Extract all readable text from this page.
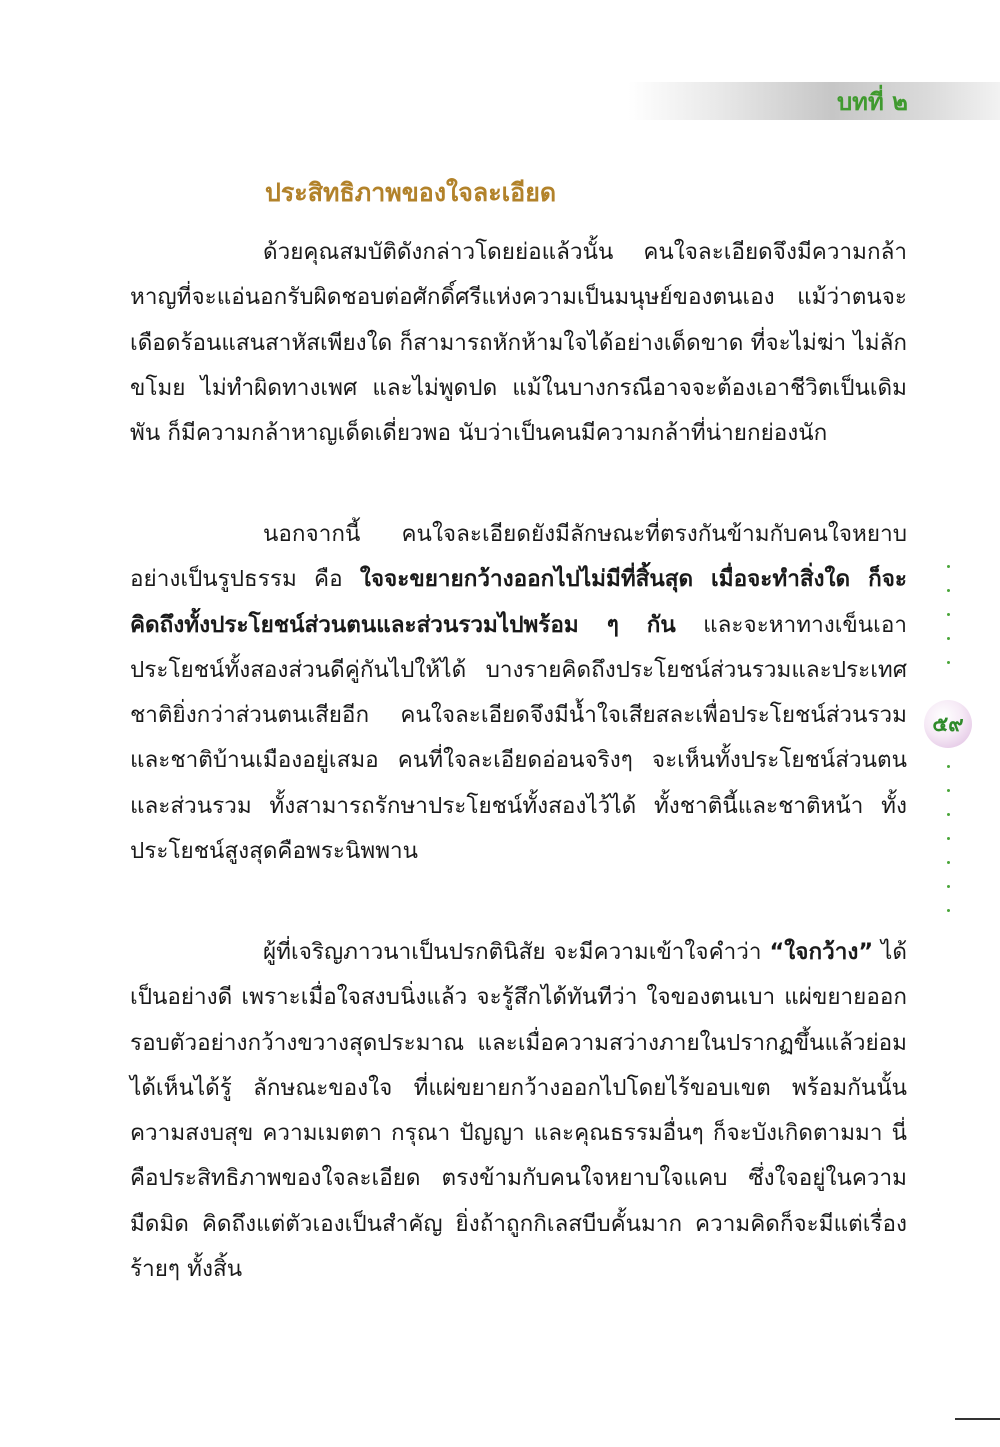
บทที่ ๒
ประสิทธิภาพของใจละเอียด

ด้วยคุณสมบัติดังกล่าวโดยย่อแล้วนั้น คนใจละเอียดจึงมีความกล้าหาญที่จะแอ่นอกรับผิดชอบต่อศักดิ์ศรีแห่งความเป็นมนุษย์ของตนเอง แม้ว่าตนจะเดือดร้อนแสนสาหัสเพียงใด ก็สามารถหักห้ามใจได้อย่างเด็ดขาด ที่จะไม่ฆ่า ไม่ลักขโมย ไม่ทำผิดทางเพศ และไม่พูดปด แม้ในบางกรณีอาจจะต้องเอาชีวิตเป็นเดิมพัน ก็มีความกล้าหาญเด็ดเดี่ยวพอ นับว่าเป็นคนมีความกล้าที่น่ายกย่องนัก

นอกจากนี้ คนใจละเอียดยังมีลักษณะที่ตรงกันข้ามกับคนใจหยาบอย่างเป็นรูปธรรม คือ ใจจะขยายกว้างออกไปไม่มีที่สิ้นสุด เมื่อจะทำสิ่งใด ก็จะคิดถึงทั้งประโยชน์ส่วนตนและส่วนรวมไปพร้อม ๆ กัน และจะหาทางเข็นเอาประโยชน์ทั้งสองส่วนดีคู่กันไปให้ได้ บางรายคิดถึงประโยชน์ส่วนรวมและประเทศชาติยิ่งกว่าส่วนตนเสียอีก คนใจละเอียดจึงมีน้ำใจเสียสละเพื่อประโยชน์ส่วนรวมและชาติบ้านเมืองอยู่เสมอ คนที่ใจละเอียดอ่อนจริงๆ จะเห็นทั้งประโยชน์ส่วนตนและส่วนรวม ทั้งสามารถรักษาประโยชน์ทั้งสองไว้ได้ ทั้งชาตินี้และชาติหน้า ทั้งประโยชน์สูงสุดคือพระนิพพาน

ผู้ที่เจริญภาวนาเป็นปรกตินิสัย จะมีความเข้าใจคำว่า “ใจกว้าง” ได้เป็นอย่างดี เพราะเมื่อใจสงบนิ่งแล้ว จะรู้สึกได้ทันทีว่า ใจของตนเบา แผ่ขยายออกรอบตัวอย่างกว้างขวางสุดประมาณ และเมื่อความสว่างภายในปรากฏขึ้นแล้วย่อมได้เห็นได้รู้ ลักษณะของใจ ที่แผ่ขยายกว้างออกไปโดยไร้ขอบเขต พร้อมกันนั้น ความสงบสุข ความเมตตา กรุณา ปัญญา และคุณธรรมอื่นๆ ก็จะบังเกิดตามมา นี่คือประสิทธิภาพของใจละเอียด ตรงข้ามกับคนใจหยาบใจแคบ ซึ่งใจอยู่ในความมืดมิด คิดถึงแต่ตัวเองเป็นสำคัญ ยิ่งถ้าถูกกิเลสบีบคั้นมาก ความคิดก็จะมีแต่เรื่องร้ายๆ ทั้งสิ้น

๕๙
